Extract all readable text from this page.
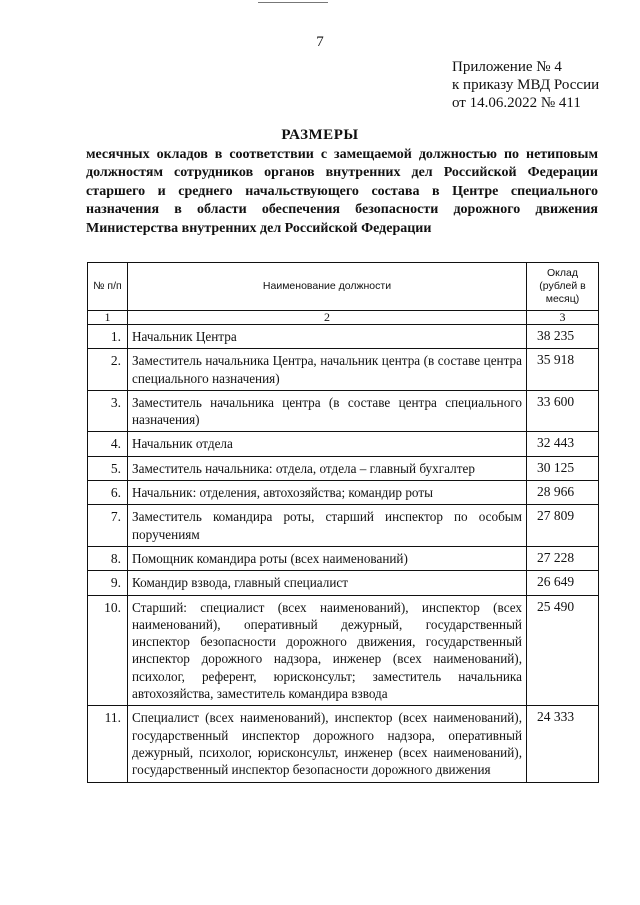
7
Приложение № 4
к приказу МВД России
от 14.06.2022 № 411
РАЗМЕРЫ
месячных окладов в соответствии с замещаемой должностью по нетиповым должностям сотрудников органов внутренних дел Российской Федерации старшего и среднего начальствующего состава в Центре специального назначения в области обеспечения безопасности дорожного движения Министерства внутренних дел Российской Федерации
№ п/п	Наименование должности	Оклад (рублей в месяц)
1	2	3
1.	Начальник Центра	38 235
2.	Заместитель начальника Центра, начальник центра (в составе центра специального назначения)	35 918
3.	Заместитель начальника центра (в составе центра специального назначения)	33 600
4.	Начальник отдела	32 443
5.	Заместитель начальника: отдела, отдела – главный бухгалтер	30 125
6.	Начальник: отделения, автохозяйства; командир роты	28 966
7.	Заместитель командира роты, старший инспектор по особым поручениям	27 809
8.	Помощник командира роты (всех наименований)	27 228
9.	Командир взвода, главный специалист	26 649
10.	Старший: специалист (всех наименований), инспектор (всех наименований), оперативный дежурный, государственный инспектор безопасности дорожного движения, государственный инспектор дорожного надзора, инженер (всех наименований), психолог, референт, юрисконсульт; заместитель начальника автохозяйства, заместитель командира взвода	25 490
11.	Специалист (всех наименований), инспектор (всех наименований), государственный инспектор дорожного надзора, оперативный дежурный, психолог, юрисконсульт, инженер (всех наименований), государственный инспектор безопасности дорожного движения	24 333
